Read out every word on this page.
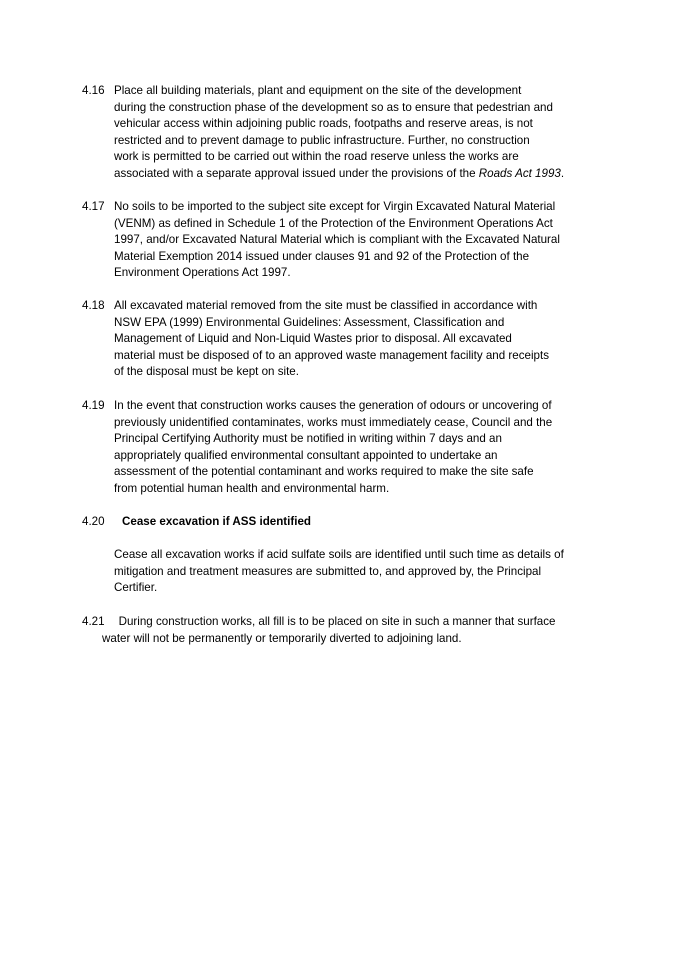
4.16 Place all building materials, plant and equipment on the site of the development
during the construction phase of the development so as to ensure that pedestrian and
vehicular access within adjoining public roads, footpaths and reserve areas, is not
restricted and to prevent damage to public infrastructure. Further, no construction
work is permitted to be carried out within the road reserve unless the works are
associated with a separate approval issued under the provisions of the Roads Act 1993.
4.17 No soils to be imported to the subject site except for Virgin Excavated Natural Material
(VENM) as defined in Schedule 1 of the Protection of the Environment Operations Act
1997, and/or Excavated Natural Material which is compliant with the Excavated Natural
Material Exemption 2014 issued under clauses 91 and 92 of the Protection of the
Environment Operations Act 1997.
4.18 All excavated material removed from the site must be classified in accordance with
NSW EPA (1999) Environmental Guidelines: Assessment, Classification and
Management of Liquid and Non-Liquid Wastes prior to disposal. All excavated
material must be disposed of to an approved waste management facility and receipts
of the disposal must be kept on site.
4.19 In the event that construction works causes the generation of odours or uncovering of
previously unidentified contaminates, works must immediately cease, Council and the
Principal Certifying Authority must be notified in writing within 7 days and an
appropriately qualified environmental consultant appointed to undertake an
assessment of the potential contaminant and works required to make the site safe
from potential human health and environmental harm.
4.20	Cease excavation if ASS identified
Cease all excavation works if acid sulfate soils are identified until such time as details of
mitigation and treatment measures are submitted to, and approved by, the Principal
Certifier.
4.21 During construction works, all fill is to be placed on site in such a manner that surface
water will not be permanently or temporarily diverted to adjoining land.
